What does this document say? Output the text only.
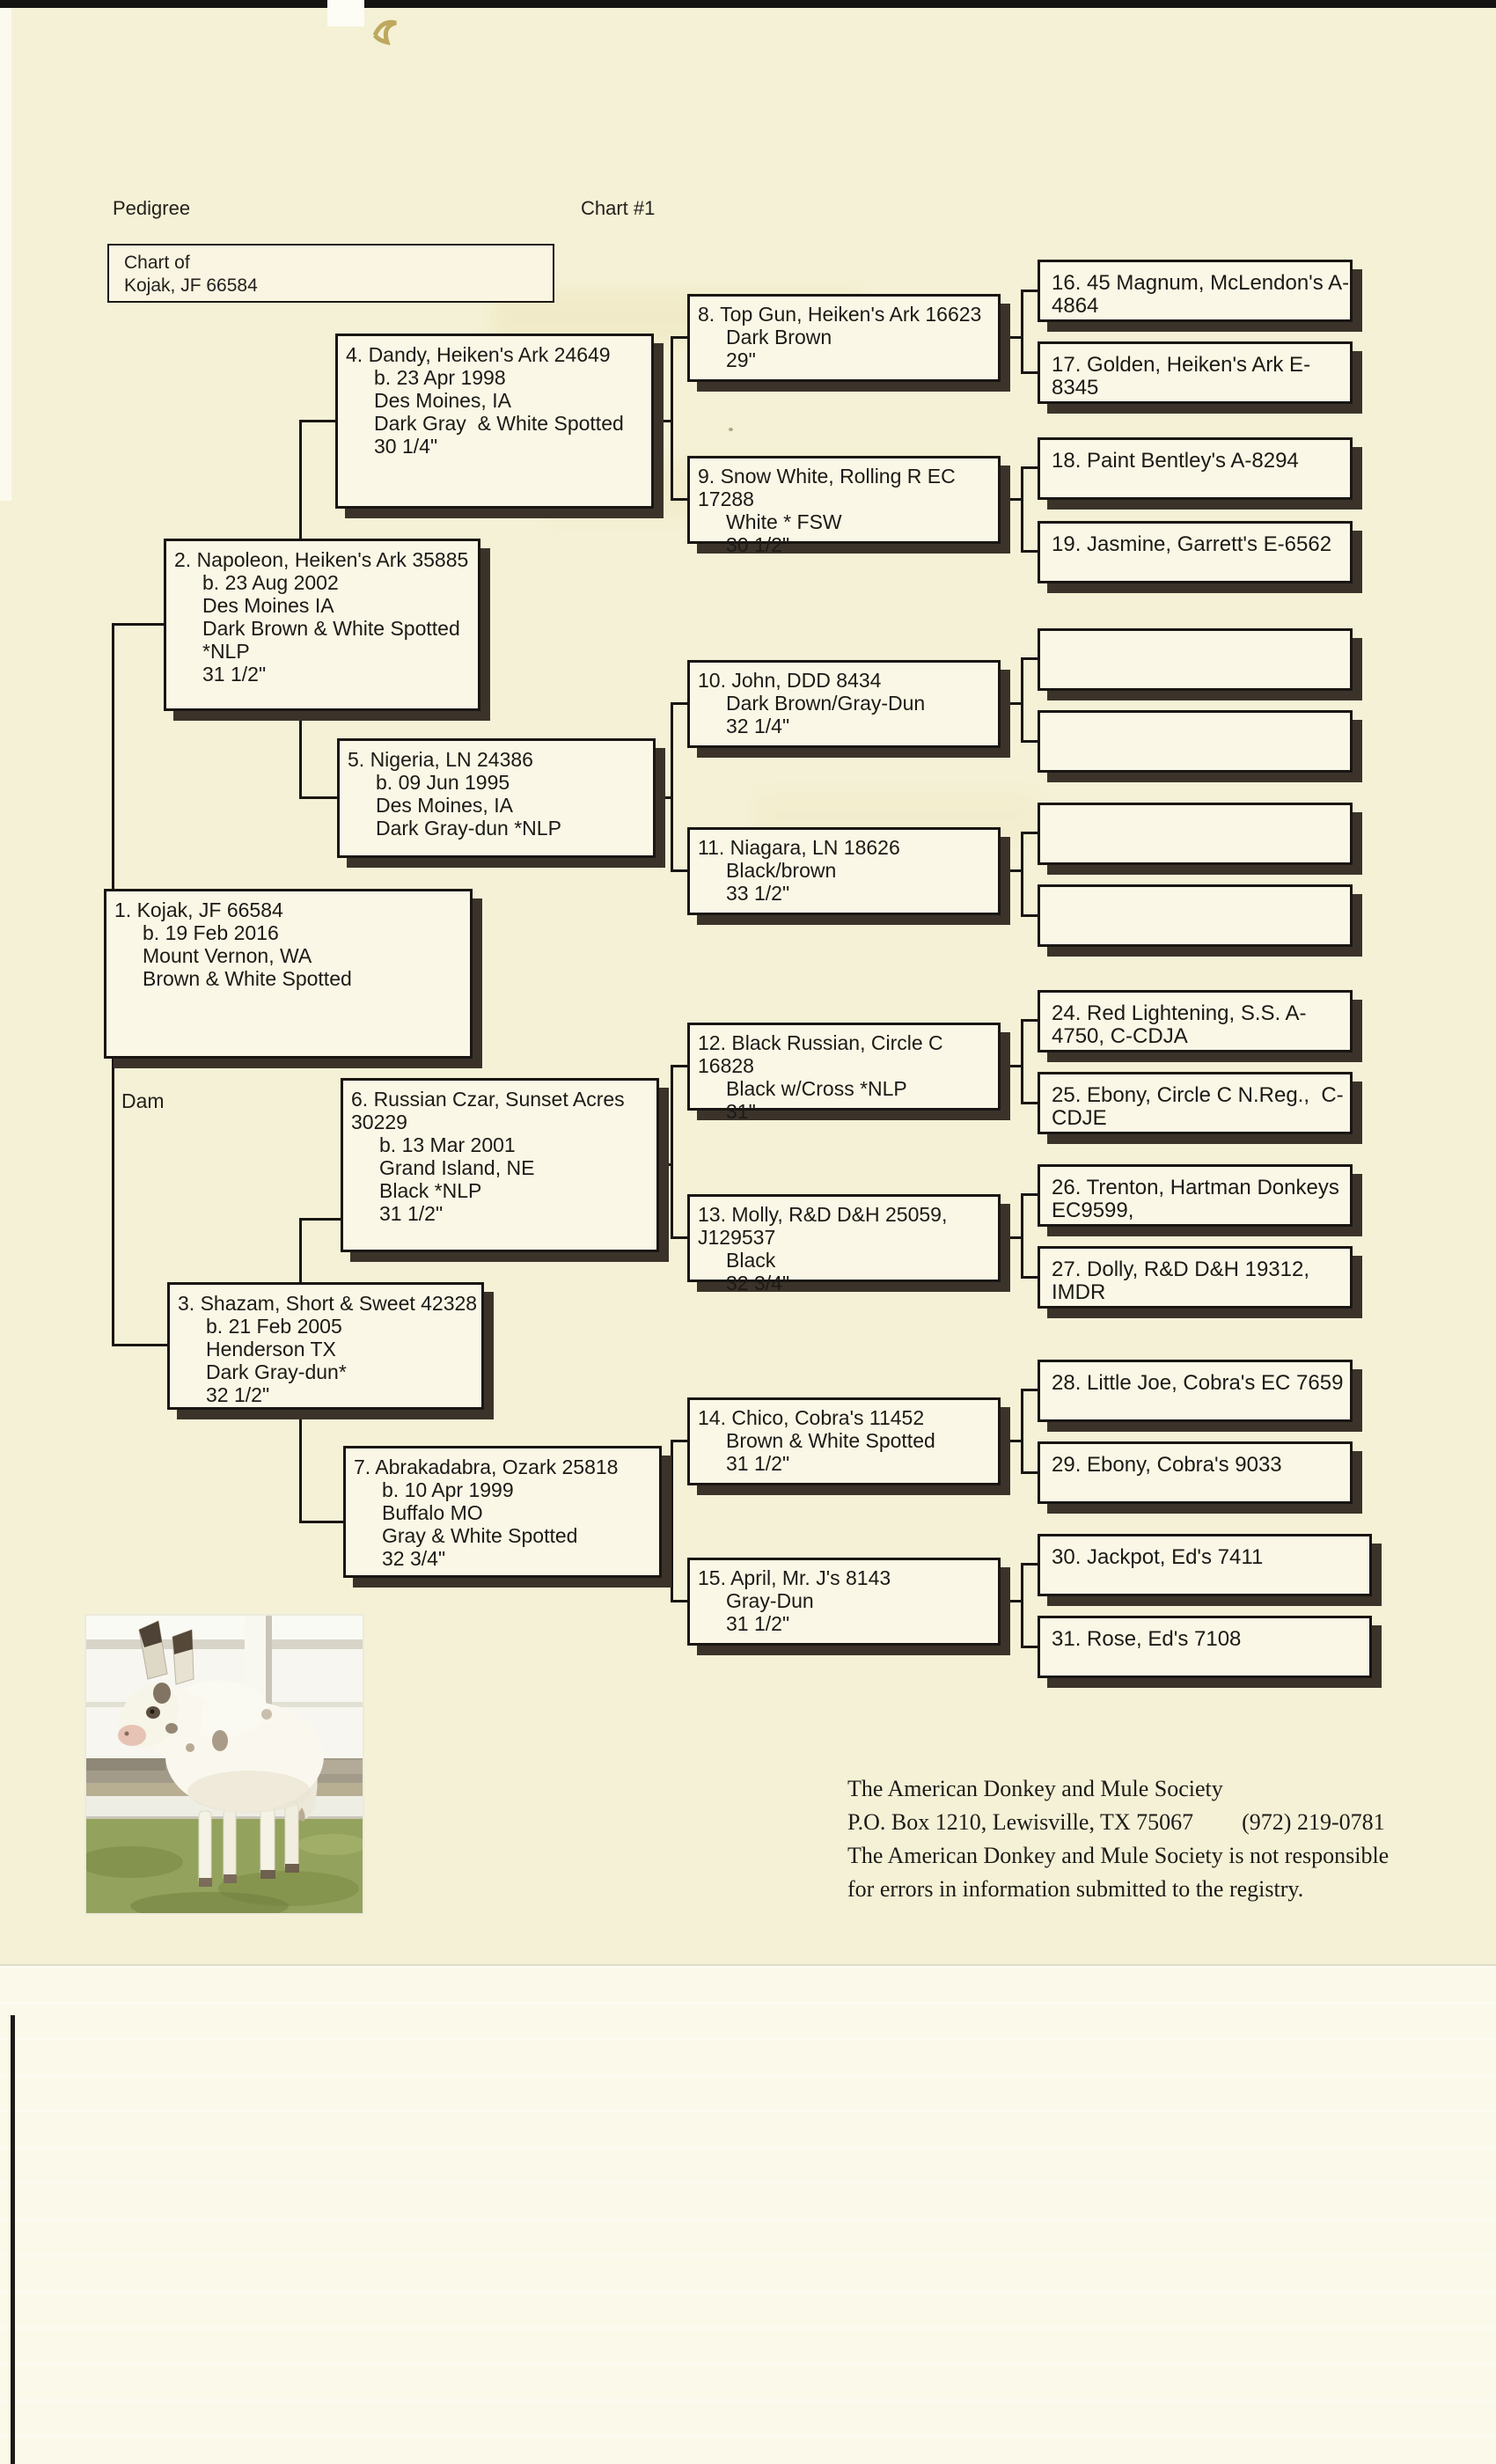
Pedigree	Chart #1
Chart of
Kojak, JF 66584
Dam
1. Kojak, JF 66584
b. 19 Feb 2016
Mount Vernon, WA
Brown & White Spotted
2. Napoleon, Heiken's Ark 35885
b. 23 Aug 2002
Des Moines IA
Dark Brown & White Spotted *NLP
31 1/2"
3. Shazam, Short & Sweet 42328
b. 21 Feb 2005
Henderson TX
Dark Gray-dun*
32 1/2"
4. Dandy, Heiken's Ark 24649
b. 23 Apr 1998
Des Moines, IA
Dark Gray  & White Spotted
30 1/4"
5. Nigeria, LN 24386
b. 09 Jun 1995
Des Moines, IA
Dark Gray-dun *NLP
6. Russian Czar, Sunset Acres 30229
b. 13 Mar 2001
Grand Island, NE
Black *NLP
31 1/2"
7. Abrakadabra, Ozark 25818
b. 10 Apr 1999
Buffalo MO
Gray & White Spotted
32 3/4"
8. Top Gun, Heiken's Ark 16623
Dark Brown
29"
9. Snow White, Rolling R EC 17288
White * FSW
30 1/2"
10. John, DDD 8434
Dark Brown/Gray-Dun
32 1/4"
11. Niagara, LN 18626
Black/brown
33 1/2"
12. Black Russian, Circle C 16828
Black w/Cross *NLP
31"
13. Molly, R&D D&H 25059, J129537
Black
32 3/4"
14. Chico, Cobra's 11452
Brown & White Spotted
31 1/2"
15. April, Mr. J's 8143
Gray-Dun
31 1/2"
16. 45 Magnum, McLendon's A-4864
17. Golden, Heiken's Ark E-8345
18. Paint Bentley's A-8294
19. Jasmine, Garrett's E-6562
24. Red Lightening, S.S. A-4750, C-CDJA
25. Ebony, Circle C N.Reg.,  C-CDJE
26. Trenton, Hartman Donkeys EC9599,
27. Dolly, R&D D&H 19312, IMDR
28. Little Joe, Cobra's EC 7659
29. Ebony, Cobra's 9033
30. Jackpot, Ed's 7411
31. Rose, Ed's 7108
The American Donkey and Mule Society
P.O. Box 1210, Lewisville, TX 75067 (972) 219-0781
The American Donkey and Mule Society is not responsible
for errors in information submitted to the registry.
